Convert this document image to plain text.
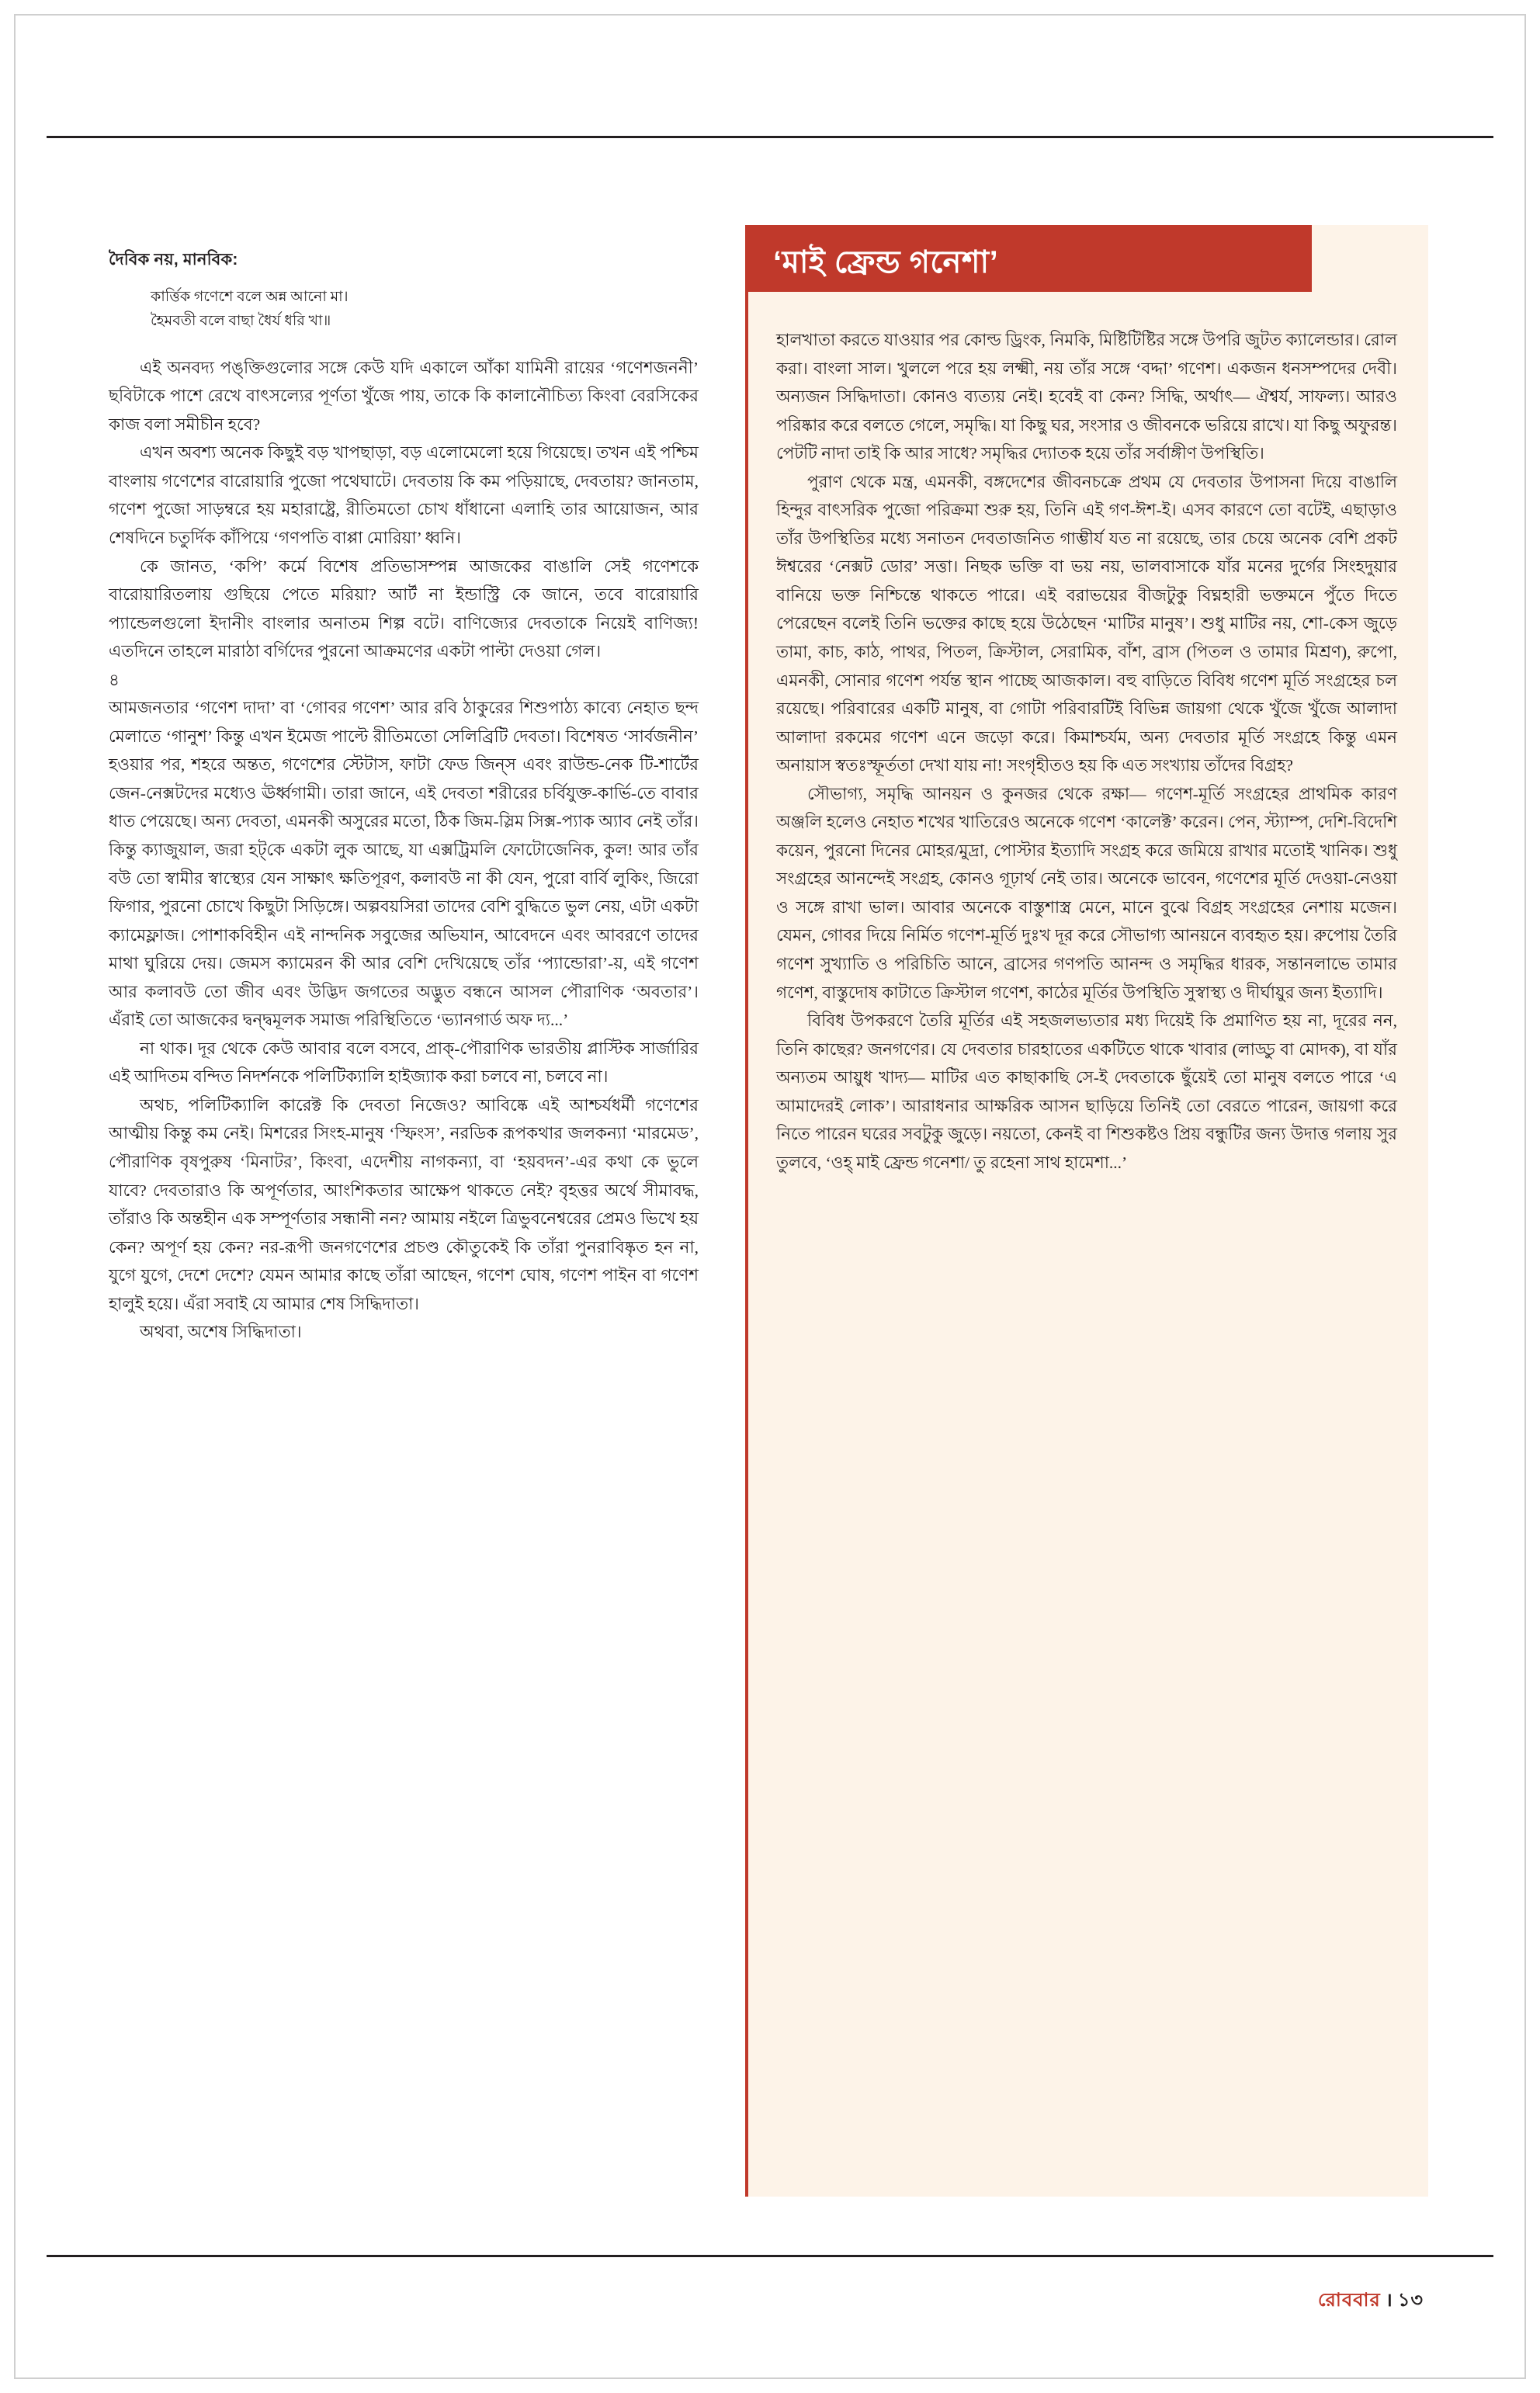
দৈবিক নয়, মানবিক:
কার্ত্তিক গণেশে বলে অন্ন আনো মা।
হৈমবতী বলে বাছা ধৈর্য ধরি খা॥

এই অনবদ্য পঙ্‌ক্তিগুলোর সঙ্গে কেউ যদি একালে আঁকা যামিনী রায়ের ‘গণেশজননী’ ছবিটাকে পাশে রেখে বাৎসল্যের পূর্ণতা খুঁজে পায়, তাকে কি কালানৌচিত্য কিংবা বেরসিকের কাজ বলা সমীচীন হবে?

এখন অবশ্য অনেক কিছুই বড় খাপছাড়া, বড় এলোমেলো হয়ে গিয়েছে। তখন এই পশ্চিম বাংলায় গণেশের বারোয়ারি পুজো পথেঘাটে। দেবতায় কি কম পড়িয়াছে, দেবতায়? জানতাম, গণেশ পুজো সাড়ম্বরে হয় মহারাষ্ট্রে, রীতিমতো চোখ ধাঁধানো এলাহি তার আয়োজন, আর শেষদিনে চতুর্দিক কাঁপিয়ে ‘গণপতি বাপ্পা মোরিয়া’ ধ্বনি।

কে জানত, ‘কপি’ কর্মে বিশেষ প্রতিভাসম্পন্ন আজকের বাঙালি সেই গণেশকে বারোয়ারিতলায় গুছিয়ে পেতে মরিয়া? আর্ট না ইন্ডাস্ট্রি কে জানে, তবে বারোয়ারি প্যান্ডেলগুলো ইদানীং বাংলার অনাতম শিল্প বটে। বাণিজ্যের দেবতাকে নিয়েই বাণিজ্য! এতদিনে তাহলে মারাঠা বর্গিদের পুরনো আক্রমণের একটা পাল্টা দেওয়া গেল।

৪

আমজনতার ‘গণেশ দাদা’ বা ‘গোবর গণেশ’ আর রবি ঠাকুরের শিশুপাঠ্য কাব্যে নেহাত ছন্দ মেলাতে ‘গানুশ’ কিন্তু এখন ইমেজ পাল্টে রীতিমতো সেলিব্রিটি দেবতা। বিশেষত ‘সার্বজনীন’ হওয়ার পর, শহরে অন্তত, গণেশের স্টেটাস, ফাটা ফেড জিন্‌স এবং রাউন্ড-নেক টি-শার্টের জেন-নেক্সটদের মধ্যেও ঊর্ধ্বগামী। তারা জানে, এই দেবতা শরীরের চর্বিযুক্ত-কার্ভি-তে বাবার ধাত পেয়েছে। অন্য দেবতা, এমনকী অসুরের মতো, ঠিক জিম-স্লিম সিক্স-প্যাক অ্যাব নেই তাঁর। কিন্তু ক্যাজুয়াল, জরা হট্‌কে একটা লুক আছে, যা এক্সট্রিমলি ফোটোজেনিক, কুল! আর তাঁর বউ তো স্বামীর স্বাস্থ্যের যেন সাক্ষাৎ ক্ষতিপূরণ, কলাবউ না কী যেন, পুরো বার্বি লুকিং, জিরো ফিগার, পুরনো চোখে কিছুটা সিড়িঙ্গে। অল্পবয়সিরা তাদের বেশি বুদ্ধিতে ভুল নেয়, এটা একটা ক্যামেফ্লাজ। পোশাকবিহীন এই নান্দনিক সবুজের অভিযান, আবেদনে এবং আবরণে তাদের মাথা ঘুরিয়ে দেয়। জেমস ক্যামেরন কী আর বেশি দেখিয়েছে তাঁর ‘প্যান্ডোরা’-য়, এই গণেশ আর কলাবউ তো জীব এবং উদ্ভিদ জগতের অদ্ভুত বন্ধনে আসল পৌরাণিক ‘অবতার’। এঁরাই তো আজকের দ্বন্দ্বমূলক সমাজ পরিস্থিতিতে ‘ভ্যানগার্ড অফ দ্য...’

না থাক। দূর থেকে কেউ আবার বলে বসবে, প্রাক্-পৌরাণিক ভারতীয় প্লাস্টিক সার্জারির এই আদিতম বন্দিত নিদর্শনকে পলিটিক্যালি হাইজ্যাক করা চলবে না, চলবে না।

অথচ, পলিটিক্যালি কারেক্ট কি দেবতা নিজেও? আবিষ্কে এই আশ্চর্যধর্মী গণেশের আত্মীয় কিন্তু কম নেই। মিশরের সিংহ-মানুষ ‘স্ফিংস’, নরডিক রূপকথার জলকন্যা ‘মারমেড’, পৌরাণিক বৃষপুরুষ ‘মিনাটর’, কিংবা, এদেশীয় নাগকন্যা, বা ‘হয়বদন’-এর কথা কে ভুলে যাবে? দেবতারাও কি অপূর্ণতার, আংশিকতার আক্ষেপ থাকতে নেই? বৃহত্তর অর্থে সীমাবদ্ধ, তাঁরাও কি অন্তহীন এক সম্পূর্ণতার সন্ধানী নন? আমায় নইলে ত্রিভুবনেশ্বরের প্রেমও ভিখে হয় কেন? অপূর্ণ হয় কেন? নর-রূপী জনগণেশের প্রচণ্ড কৌতুকেই কি তাঁরা পুনরাবিষ্কৃত হন না, যুগে যুগে, দেশে দেশে? যেমন আমার কাছে তাঁরা আছেন, গণেশ ঘোষ, গণেশ পাইন বা গণেশ হালুই হয়ে। এঁরা সবাই যে আমার শেষ সিদ্ধিদাতা।

অথবা, অশেষ সিদ্ধিদাতা।

‘মাই ফ্রেন্ড গনেশা’

হালখাতা করতে যাওয়ার পর কোল্ড ড্রিংক, নিমকি, মিষ্টিটিষ্টির সঙ্গে উপরি জুটত ক্যালেন্ডার। রোল করা। বাংলা সাল। খুললে পরে হয় লক্ষ্মী, নয় তাঁর সঙ্গে ‘বদ্দা’ গণেশ। একজন ধনসম্পদের দেবী। অন্যজন সিদ্ধিদাতা। কোনও ব্যত্যয় নেই। হবেই বা কেন? সিদ্ধি, অর্থাৎ— ঐশ্বর্য, সাফল্য। আরও পরিষ্কার করে বলতে গেলে, সমৃদ্ধি। যা কিছু ঘর, সংসার ও জীবনকে ভরিয়ে রাখে। যা কিছু অফুরন্ত। পেটটি নাদা তাই কি আর সাধে? সমৃদ্ধির দ্যোতক হয়ে তাঁর সর্বাঙ্গীণ উপস্থিতি।

পুরাণ থেকে মন্ত্র, এমনকী, বঙ্গদেশের জীবনচক্রে প্রথম যে দেবতার উপাসনা দিয়ে বাঙালি হিন্দুর বাৎসরিক পুজো পরিক্রমা শুরু হয়, তিনি এই গণ-ঈশ-ই। এসব কারণে তো বটেই, এছাড়াও তাঁর উপস্থিতির মধ্যে সনাতন দেবতাজনিত গাম্ভীর্য যত না রয়েছে, তার চেয়ে অনেক বেশি প্রকট ঈশ্বরের ‘নেক্সট ডোর’ সত্তা। নিছক ভক্তি বা ভয় নয়, ভালবাসাকে যাঁর মনের দুর্গের সিংহদুয়ার বানিয়ে ভক্ত নিশ্চিন্তে থাকতে পারে। এই বরাভয়ের বীজটুকু বিঘ্নহারী ভক্তমনে পুঁতে দিতে পেরেছেন বলেই তিনি ভক্তের কাছে হয়ে উঠেছেন ‘মাটির মানুষ’। শুধু মাটির নয়, শো-কেস জুড়ে তামা, কাচ, কাঠ, পাথর, পিতল, ক্রিস্টাল, সেরামিক, বাঁশ, ব্রাস (পিতল ও তামার মিশ্রণ), রুপো, এমনকী, সোনার গণেশ পর্যন্ত স্থান পাচ্ছে আজকাল। বহু বাড়িতে বিবিধ গণেশ মূর্তি সংগ্রহের চল রয়েছে। পরিবারের একটি মানুষ, বা গোটা পরিবারটিই বিভিন্ন জায়গা থেকে খুঁজে খুঁজে আলাদা আলাদা রকমের গণেশ এনে জড়ো করে। কিমাশ্চর্যম, অন্য দেবতার মূর্তি সংগ্রহে কিন্তু এমন অনায়াস স্বতঃস্ফূর্ততা দেখা যায় না! সংগৃহীতও হয় কি এত সংখ্যায় তাঁদের বিগ্রহ?

সৌভাগ্য, সমৃদ্ধি আনয়ন ও কুনজর থেকে রক্ষা— গণেশ-মূর্তি সংগ্রহের প্রাথমিক কারণ অঞ্জলি হলেও নেহাত শখের খাতিরেও অনেকে গণেশ ‘কালেক্ট’ করেন। পেন, স্ট্যাম্প, দেশি-বিদেশি কয়েন, পুরনো দিনের মোহর/মুদ্রা, পোস্টার ইত্যাদি সংগ্রহ করে জমিয়ে রাখার মতোই খানিক। শুধু সংগ্রহের আনন্দেই সংগ্রহ, কোনও গূঢ়ার্থ নেই তার। অনেকে ভাবেন, গণেশের মূর্তি দেওয়া-নেওয়া ও সঙ্গে রাখা ভাল। আবার অনেকে বাস্তুশাস্ত্র মেনে, মানে বুঝে বিগ্রহ সংগ্রহের নেশায় মজেন। যেমন, গোবর দিয়ে নির্মিত গণেশ-মূর্তি দুঃখ দূর করে সৌভাগ্য আনয়নে ব্যবহৃত হয়। রুপোয় তৈরি গণেশ সুখ্যাতি ও পরিচিতি আনে, ব্রাসের গণপতি আনন্দ ও সমৃদ্ধির ধারক, সন্তানলাভে তামার গণেশ, বাস্তুদোষ কাটাতে ক্রিস্টাল গণেশ, কাঠের মূর্তির উপস্থিতি সুস্বাস্থ্য ও দীর্ঘায়ুর জন্য ইত্যাদি।

বিবিধ উপকরণে তৈরি মূর্তির এই সহজলভ্যতার মধ্য দিয়েই কি প্রমাণিত হয় না, দূরের নন, তিনি কাছের? জনগণের। যে দেবতার চারহাতের একটিতে থাকে খাবার (লাড্ডু বা মোদক), বা যাঁর অন্যতম আয়ুধ খাদ্য— মাটির এত কাছাকাছি সে-ই দেবতাকে ছুঁয়েই তো মানুষ বলতে পারে ‘এ আমাদেরই লোক’। আরাধনার আক্ষরিক আসন ছাড়িয়ে তিনিই তো বেরতে পারেন, জায়গা করে নিতে পারেন ঘরের সবটুকু জুড়ে। নয়তো, কেনই বা শিশুকষ্টও প্রিয় বন্ধুটির জন্য উদাত্ত গলায় সুর তুলবে, ‘ওহ্‌ মাই ফ্রেন্ড গনেশা/ তু রহেনা সাথ হামেশা...’

রোববার । ১৩
